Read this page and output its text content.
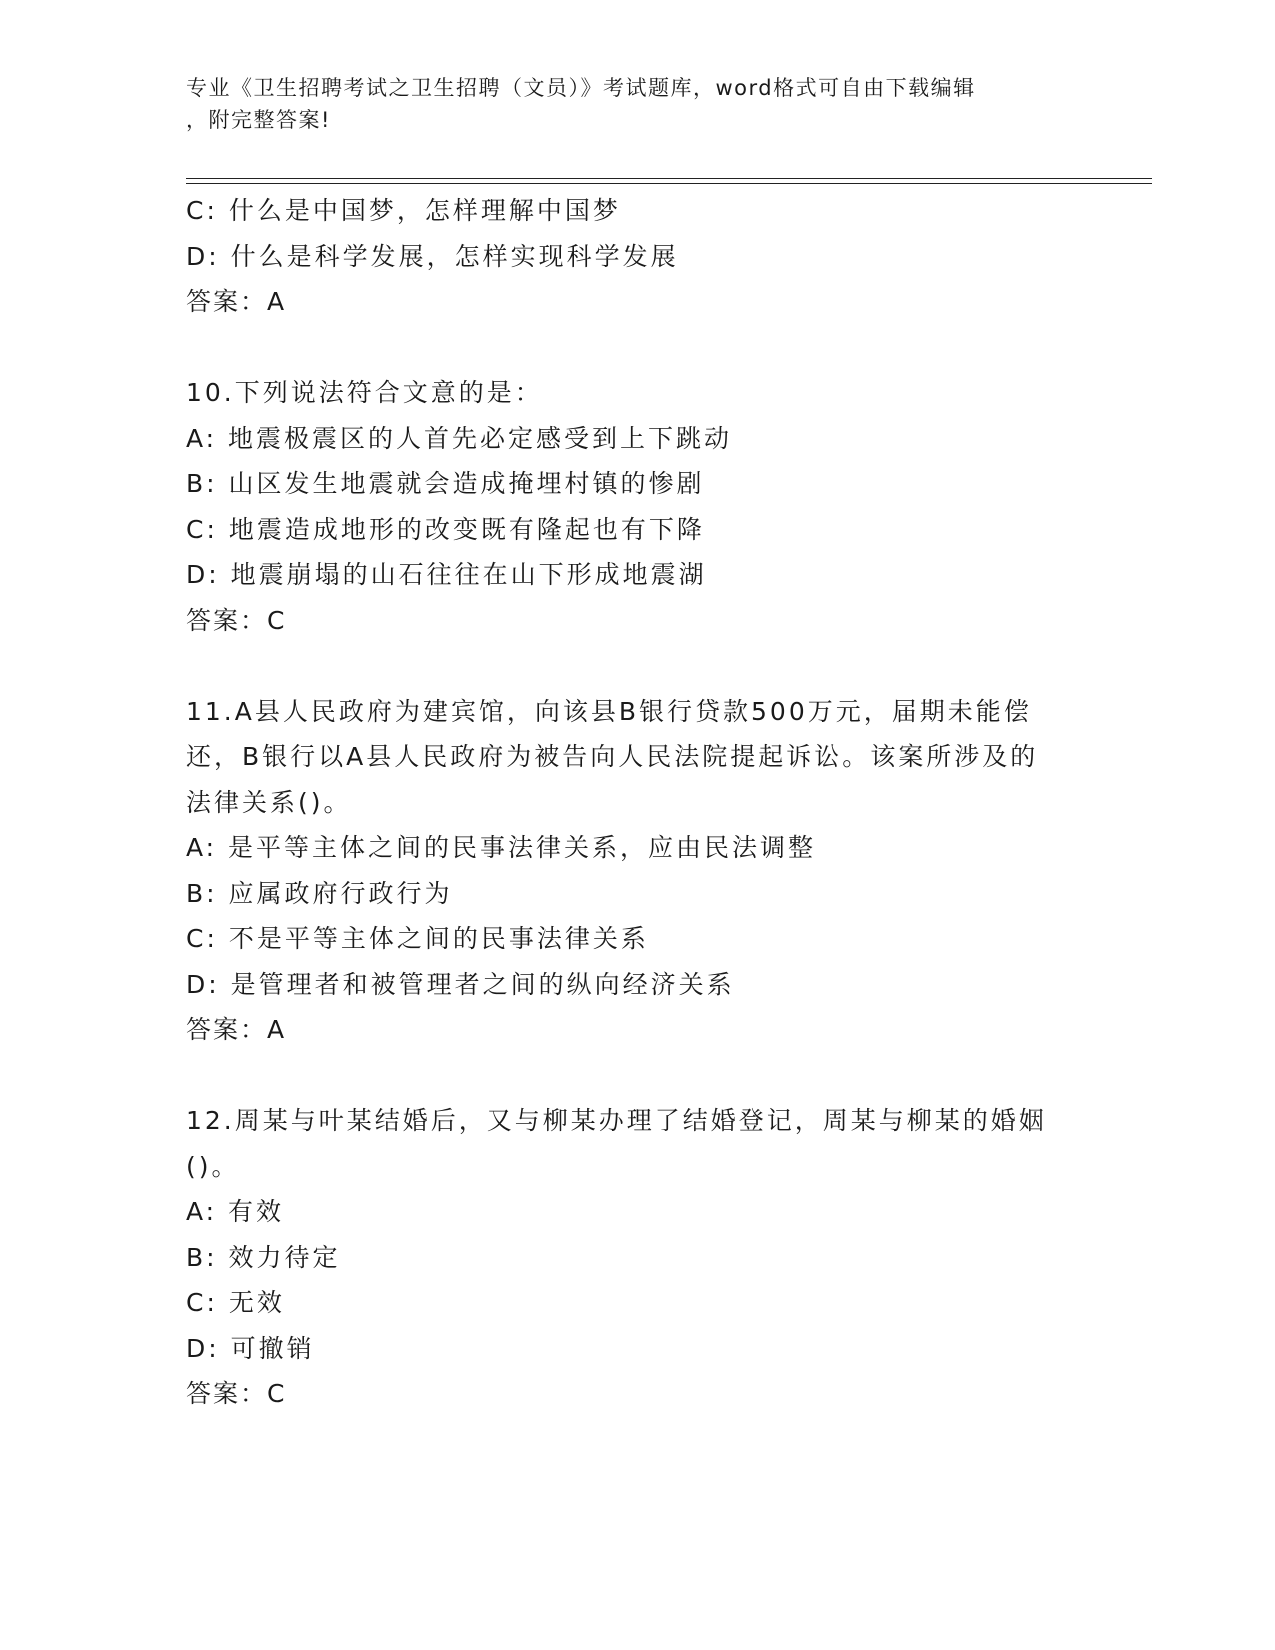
专业《卫生招聘考试之卫生招聘（文员）》考试题库，word格式可自由下载编辑
，附完整答案!
C: 什么是中国梦，怎样理解中国梦
D: 什么是科学发展，怎样实现科学发展
答案：A
10.下列说法符合文意的是：
A: 地震极震区的人首先必定感受到上下跳动
B: 山区发生地震就会造成掩埋村镇的惨剧
C: 地震造成地形的改变既有隆起也有下降
D: 地震崩塌的山石往往在山下形成地震湖
答案：C
11.A县人民政府为建宾馆，向该县B银行贷款500万元，届期未能偿
还，B银行以A县人民政府为被告向人民法院提起诉讼。该案所涉及的
法律关系()。
A: 是平等主体之间的民事法律关系，应由民法调整
B: 应属政府行政行为
C: 不是平等主体之间的民事法律关系
D: 是管理者和被管理者之间的纵向经济关系
答案：A
12.周某与叶某结婚后，又与柳某办理了结婚登记，周某与柳某的婚姻
()。
A: 有效
B: 效力待定
C: 无效
D: 可撤销
答案：C
